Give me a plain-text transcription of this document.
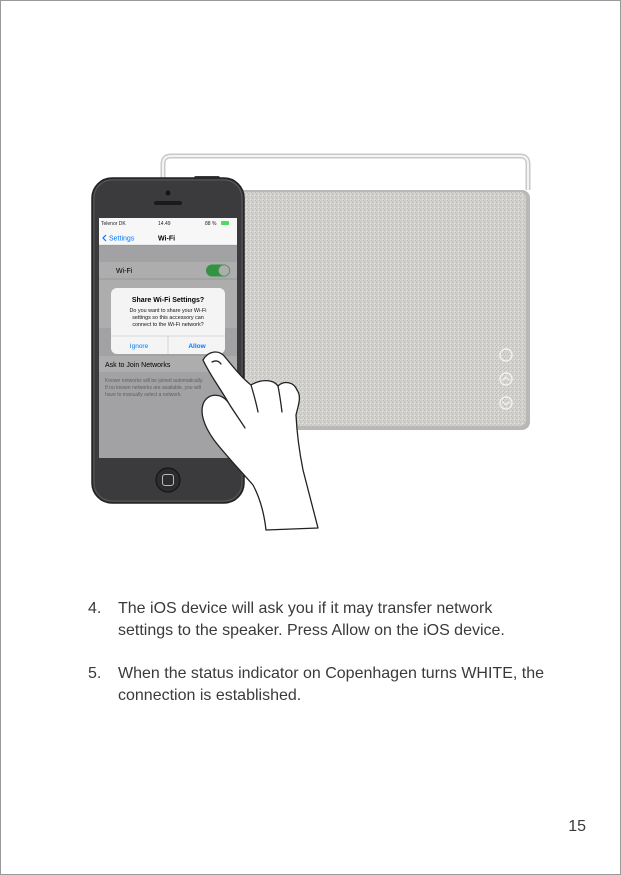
Telenor DK	14.49	88 %
Settings	Wi-Fi
Wi-Fi
Ask to Join Networks
Known networks will be joined automatically.
If no known networks are available, you will
have to manually select a network.
Share Wi-Fi Settings?
Do you want to share your Wi-Fi
settings so this accessory can
connect to the Wi-Fi network?
Ignore	Allow
4. The iOS device will ask you if it may transfer network settings to the speaker. Press Allow on the iOS device.
5. When the status indicator on Copenhagen turns WHITE, the connection is established.
15
